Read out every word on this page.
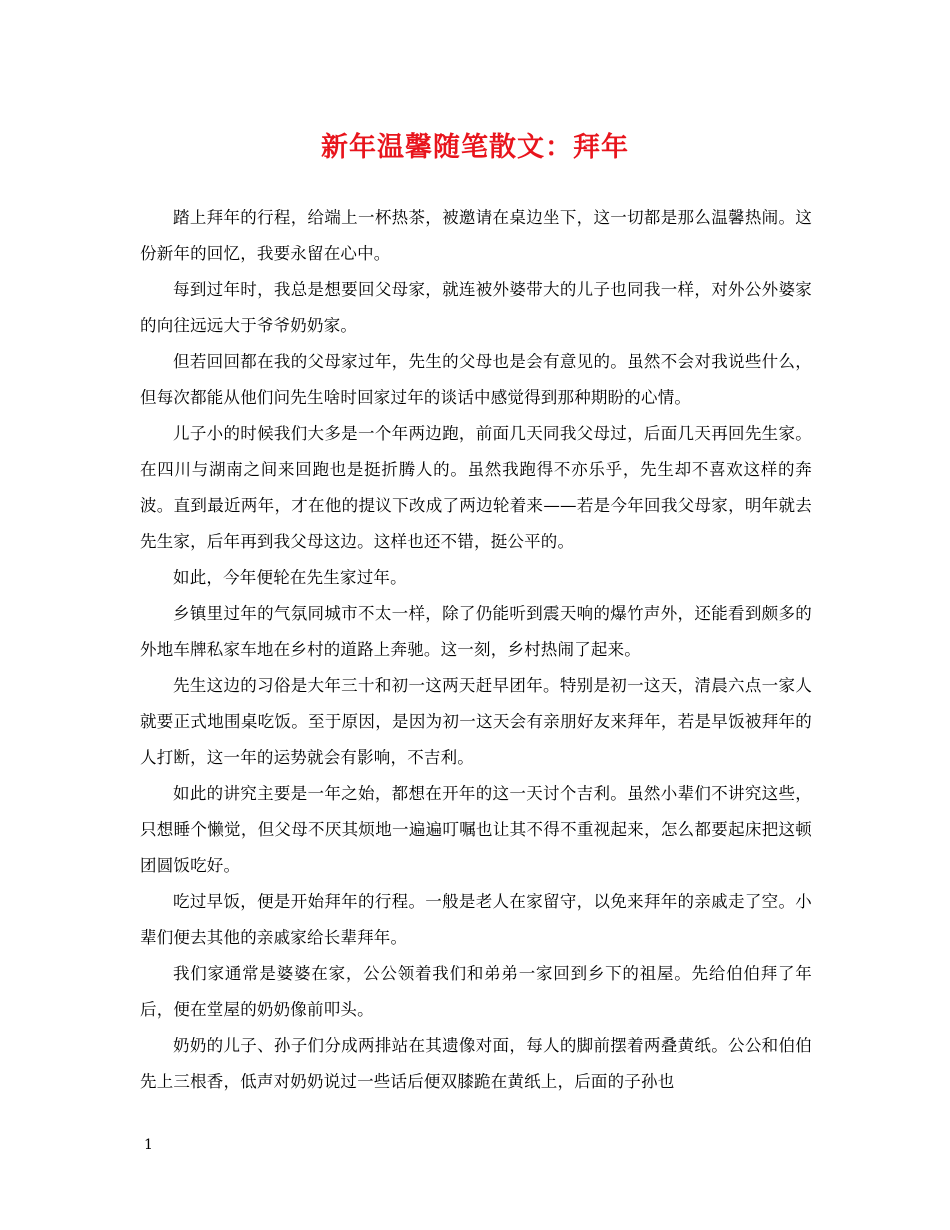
新年温馨随笔散文：拜年

踏上拜年的行程，给端上一杯热茶，被邀请在桌边坐下，这一切都是那么温馨热闹。这份新年的回忆，我要永留在心中。

每到过年时，我总是想要回父母家，就连被外婆带大的儿子也同我一样，对外公外婆家的向往远远大于爷爷奶奶家。

但若回回都在我的父母家过年，先生的父母也是会有意见的。虽然不会对我说些什么，但每次都能从他们问先生啥时回家过年的谈话中感觉得到那种期盼的心情。

儿子小的时候我们大多是一个年两边跑，前面几天同我父母过，后面几天再回先生家。在四川与湖南之间来回跑也是挺折腾人的。虽然我跑得不亦乐乎，先生却不喜欢这样的奔波。直到最近两年，才在他的提议下改成了两边轮着来——若是今年回我父母家，明年就去先生家，后年再到我父母这边。这样也还不错，挺公平的。

如此，今年便轮在先生家过年。

乡镇里过年的气氛同城市不太一样，除了仍能听到震天响的爆竹声外，还能看到颇多的外地车牌私家车地在乡村的道路上奔驰。这一刻，乡村热闹了起来。

先生这边的习俗是大年三十和初一这两天赶早团年。特别是初一这天，清晨六点一家人就要正式地围桌吃饭。至于原因，是因为初一这天会有亲朋好友来拜年，若是早饭被拜年的人打断，这一年的运势就会有影响，不吉利。

如此的讲究主要是一年之始，都想在开年的这一天讨个吉利。虽然小辈们不讲究这些，只想睡个懒觉，但父母不厌其烦地一遍遍叮嘱也让其不得不重视起来，怎么都要起床把这顿团圆饭吃好。

吃过早饭，便是开始拜年的行程。一般是老人在家留守，以免来拜年的亲戚走了空。小辈们便去其他的亲戚家给长辈拜年。

我们家通常是婆婆在家，公公领着我们和弟弟一家回到乡下的祖屋。先给伯伯拜了年后，便在堂屋的奶奶像前叩头。

奶奶的儿子、孙子们分成两排站在其遗像对面，每人的脚前摆着两叠黄纸。公公和伯伯先上三根香，低声对奶奶说过一些话后便双膝跪在黄纸上，后面的子孙也

1
